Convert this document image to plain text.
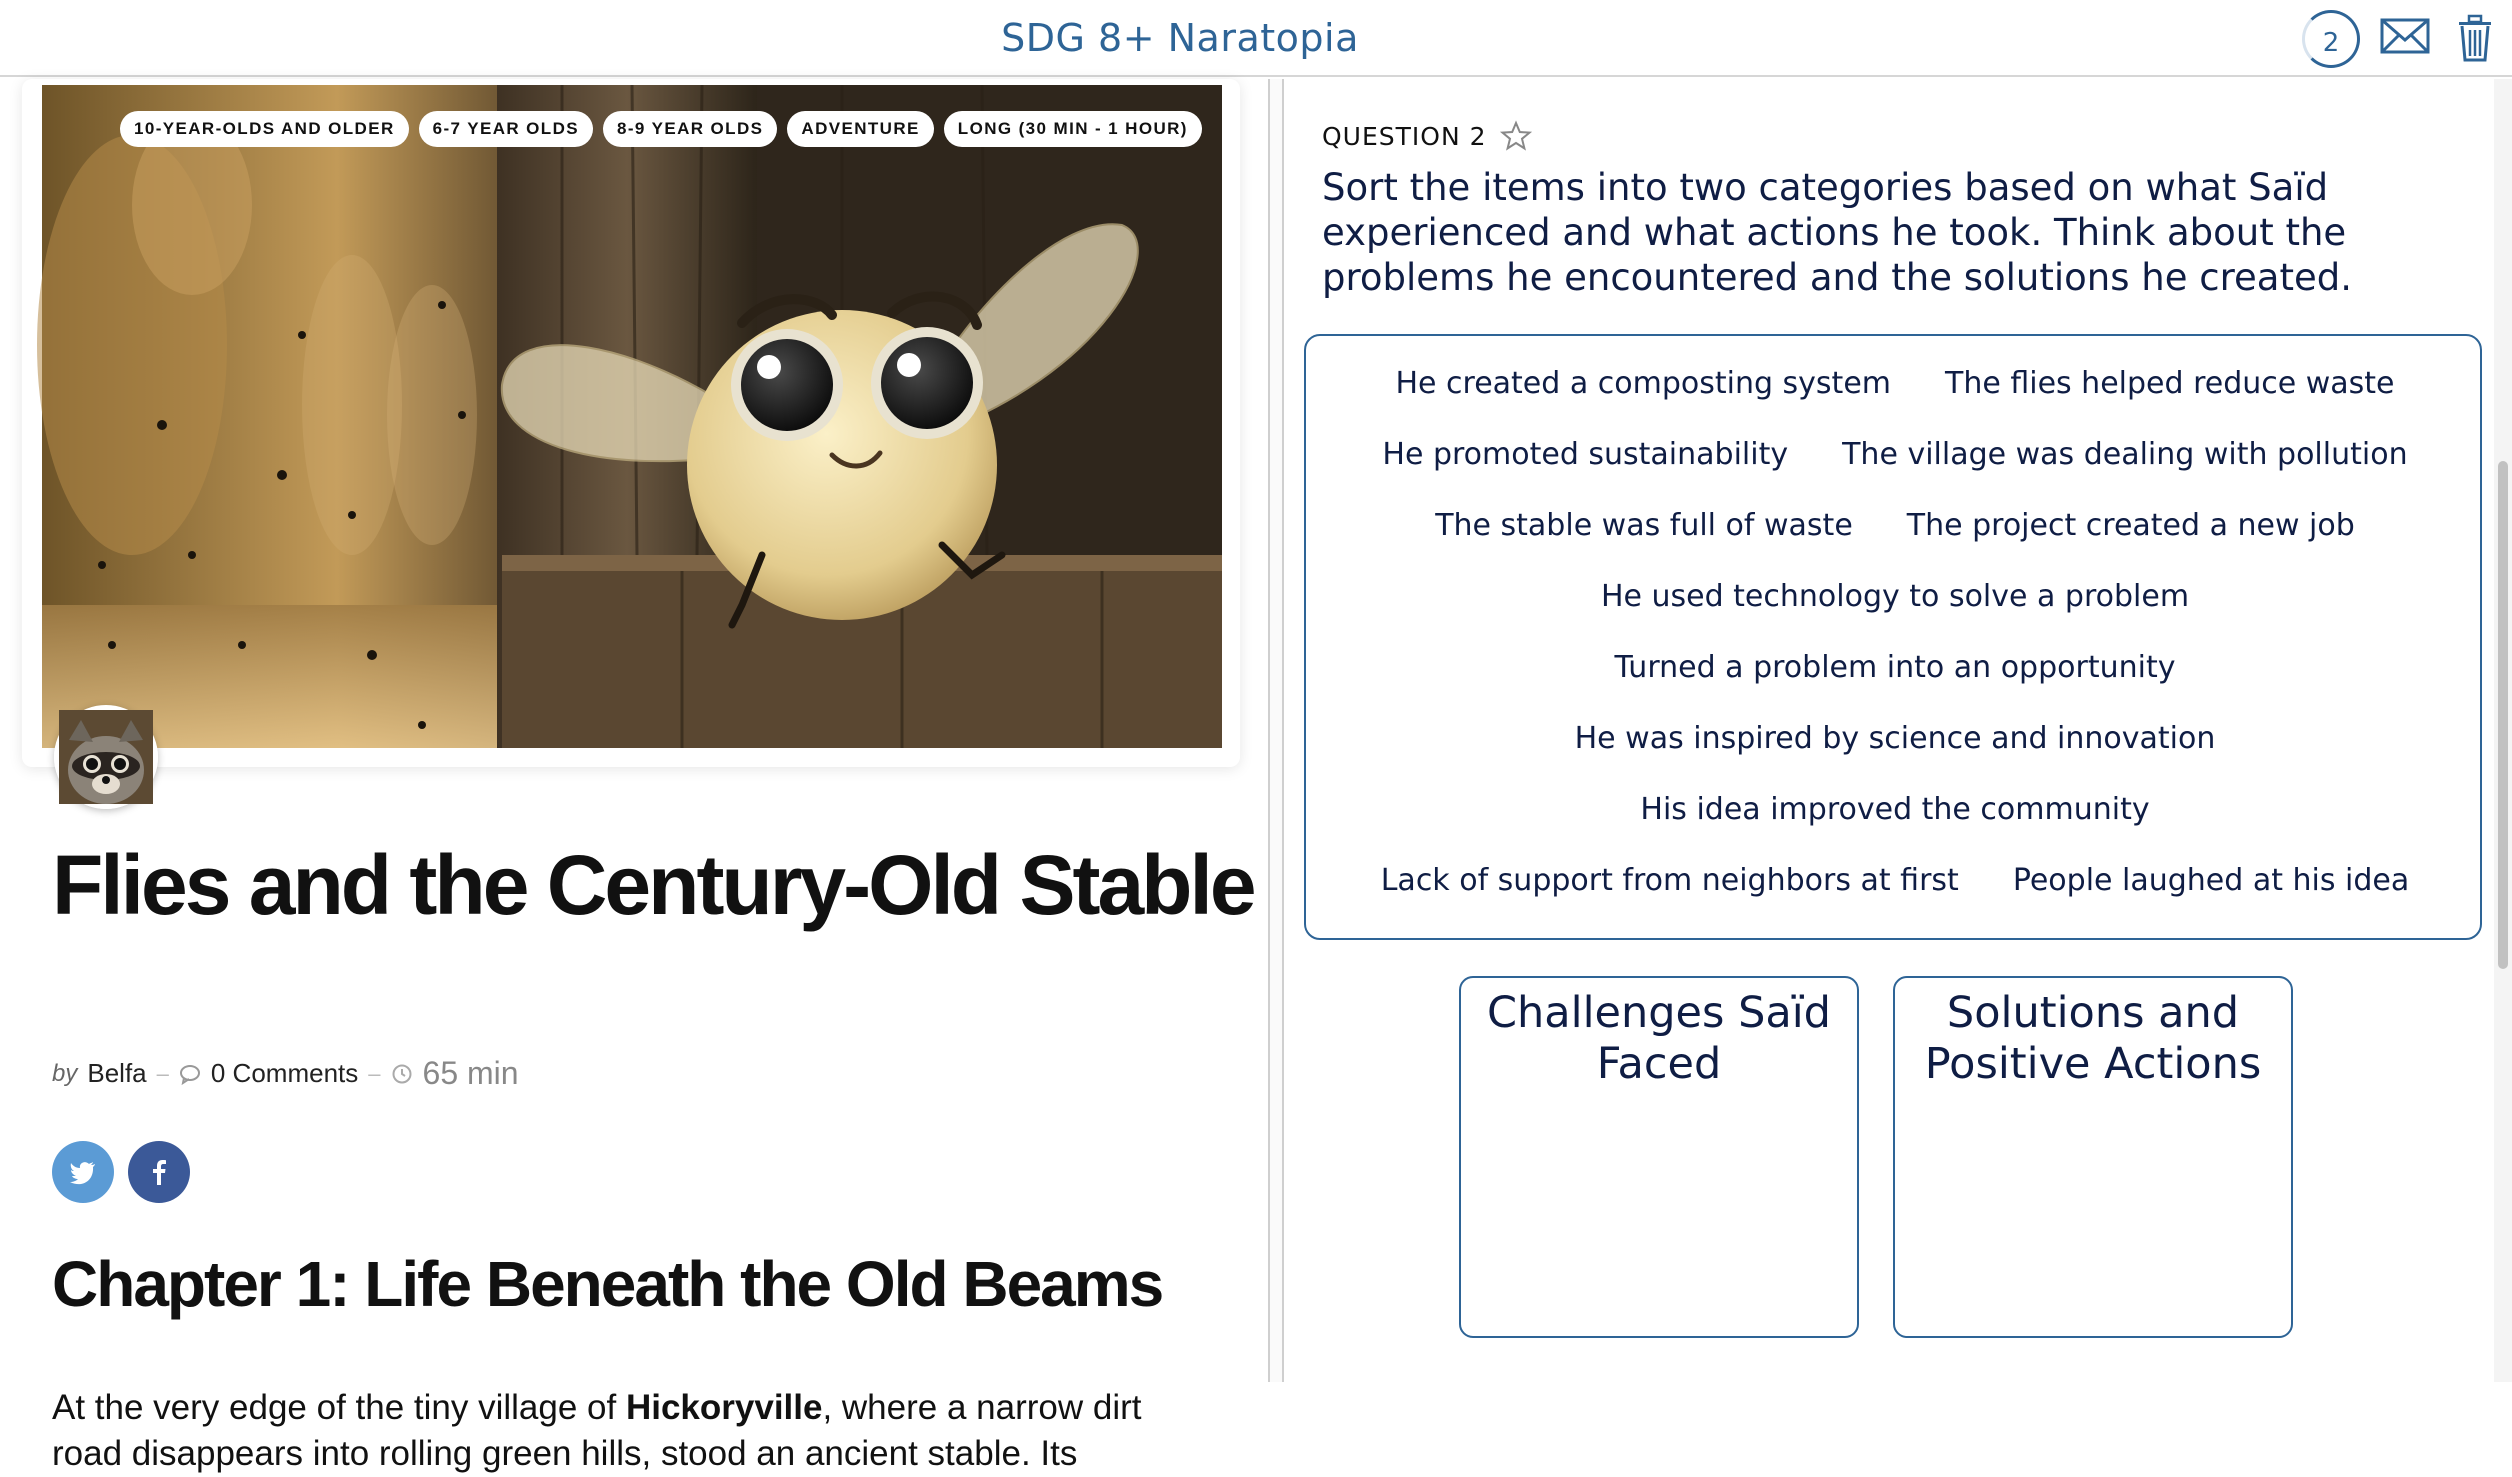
SDG 8+ Naratopia	2
10-YEAR-OLDS AND OLDER	6-7 YEAR OLDS	8-9 YEAR OLDS	ADVENTURE	LONG (30 MIN - 1 HOUR)
Flies and the Century-Old Stable
by Belfa – 0 Comments – 65 min
Chapter 1: Life Beneath the Old Beams
At the very edge of the tiny village of Hickoryville, where a narrow dirt road disappears into rolling green hills, stood an ancient stable. Its
QUESTION 2
Sort the items into two categories based on what Saïd experienced and what actions he took. Think about the problems he encountered and the solutions he created.
He created a composting system The flies helped reduce waste
He promoted sustainability The village was dealing with pollution
The stable was full of waste The project created a new job
He used technology to solve a problem
Turned a problem into an opportunity
He was inspired by science and innovation
His idea improved the community
Lack of support from neighbors at first People laughed at his idea
Challenges Saïd Faced
Solutions and Positive Actions
